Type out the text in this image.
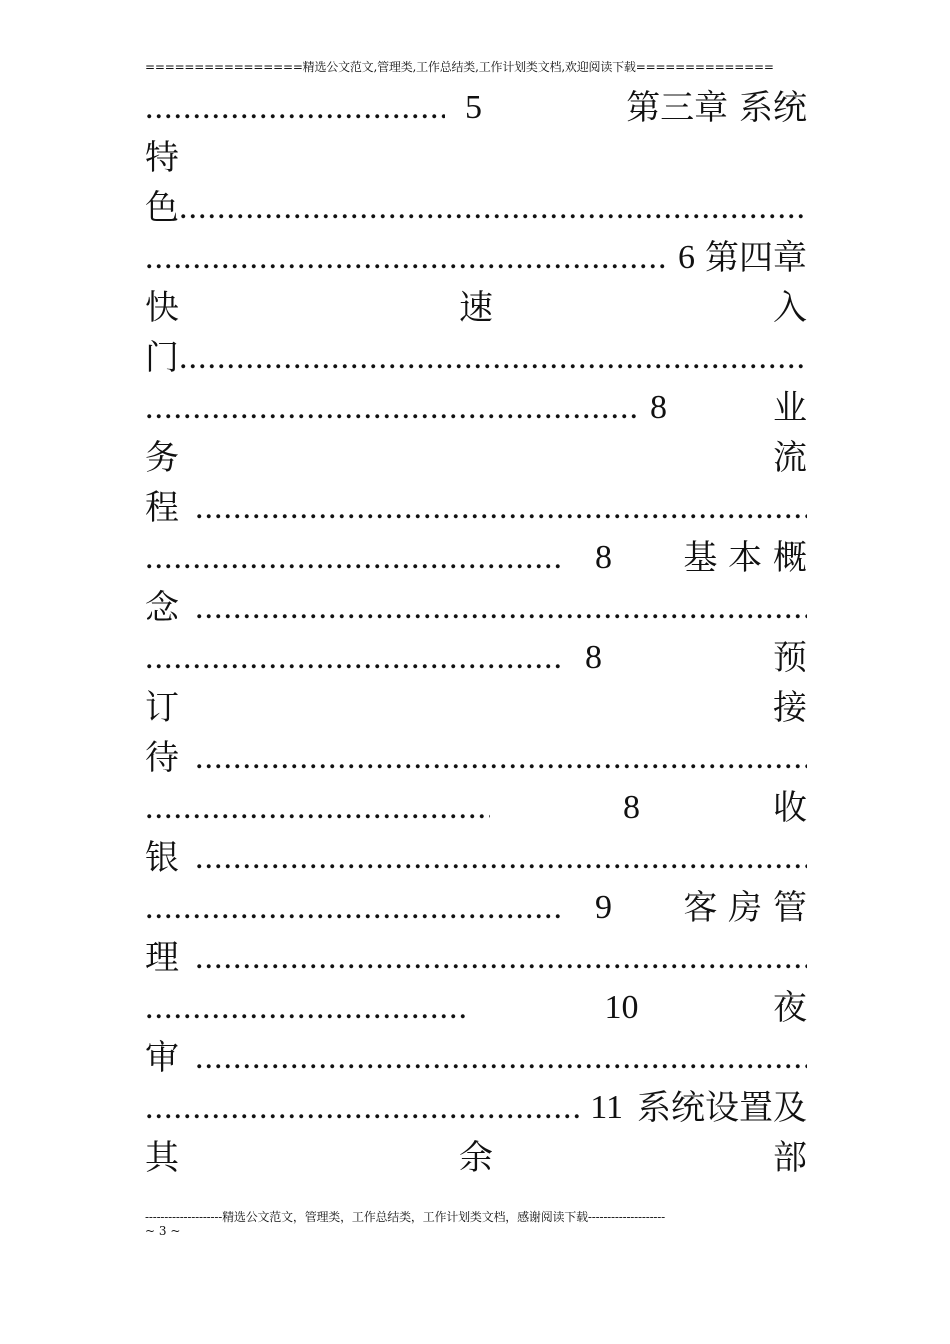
================精选公文范文,管理类,工作总结类,工作计划类文档,欢迎阅读下载==============
.....
5	第三章 系统
特
色
.....
.....
6 第四章
快	速	入
门
.....
.....
8	业
务	流
程
.....
.....
8	基 本 概
念
.....
.....
8	预
订	接
待
.....
.....
8	收
银
.....
.....
9	客 房 管
理
.....
.....
10	夜
审
.....
.....
11 系统设置及
其	余	部
--------------------精选公文范文，管理类，工作总结类，工作计划类文档，感谢阅读下载--------------------
~ 3 ~
